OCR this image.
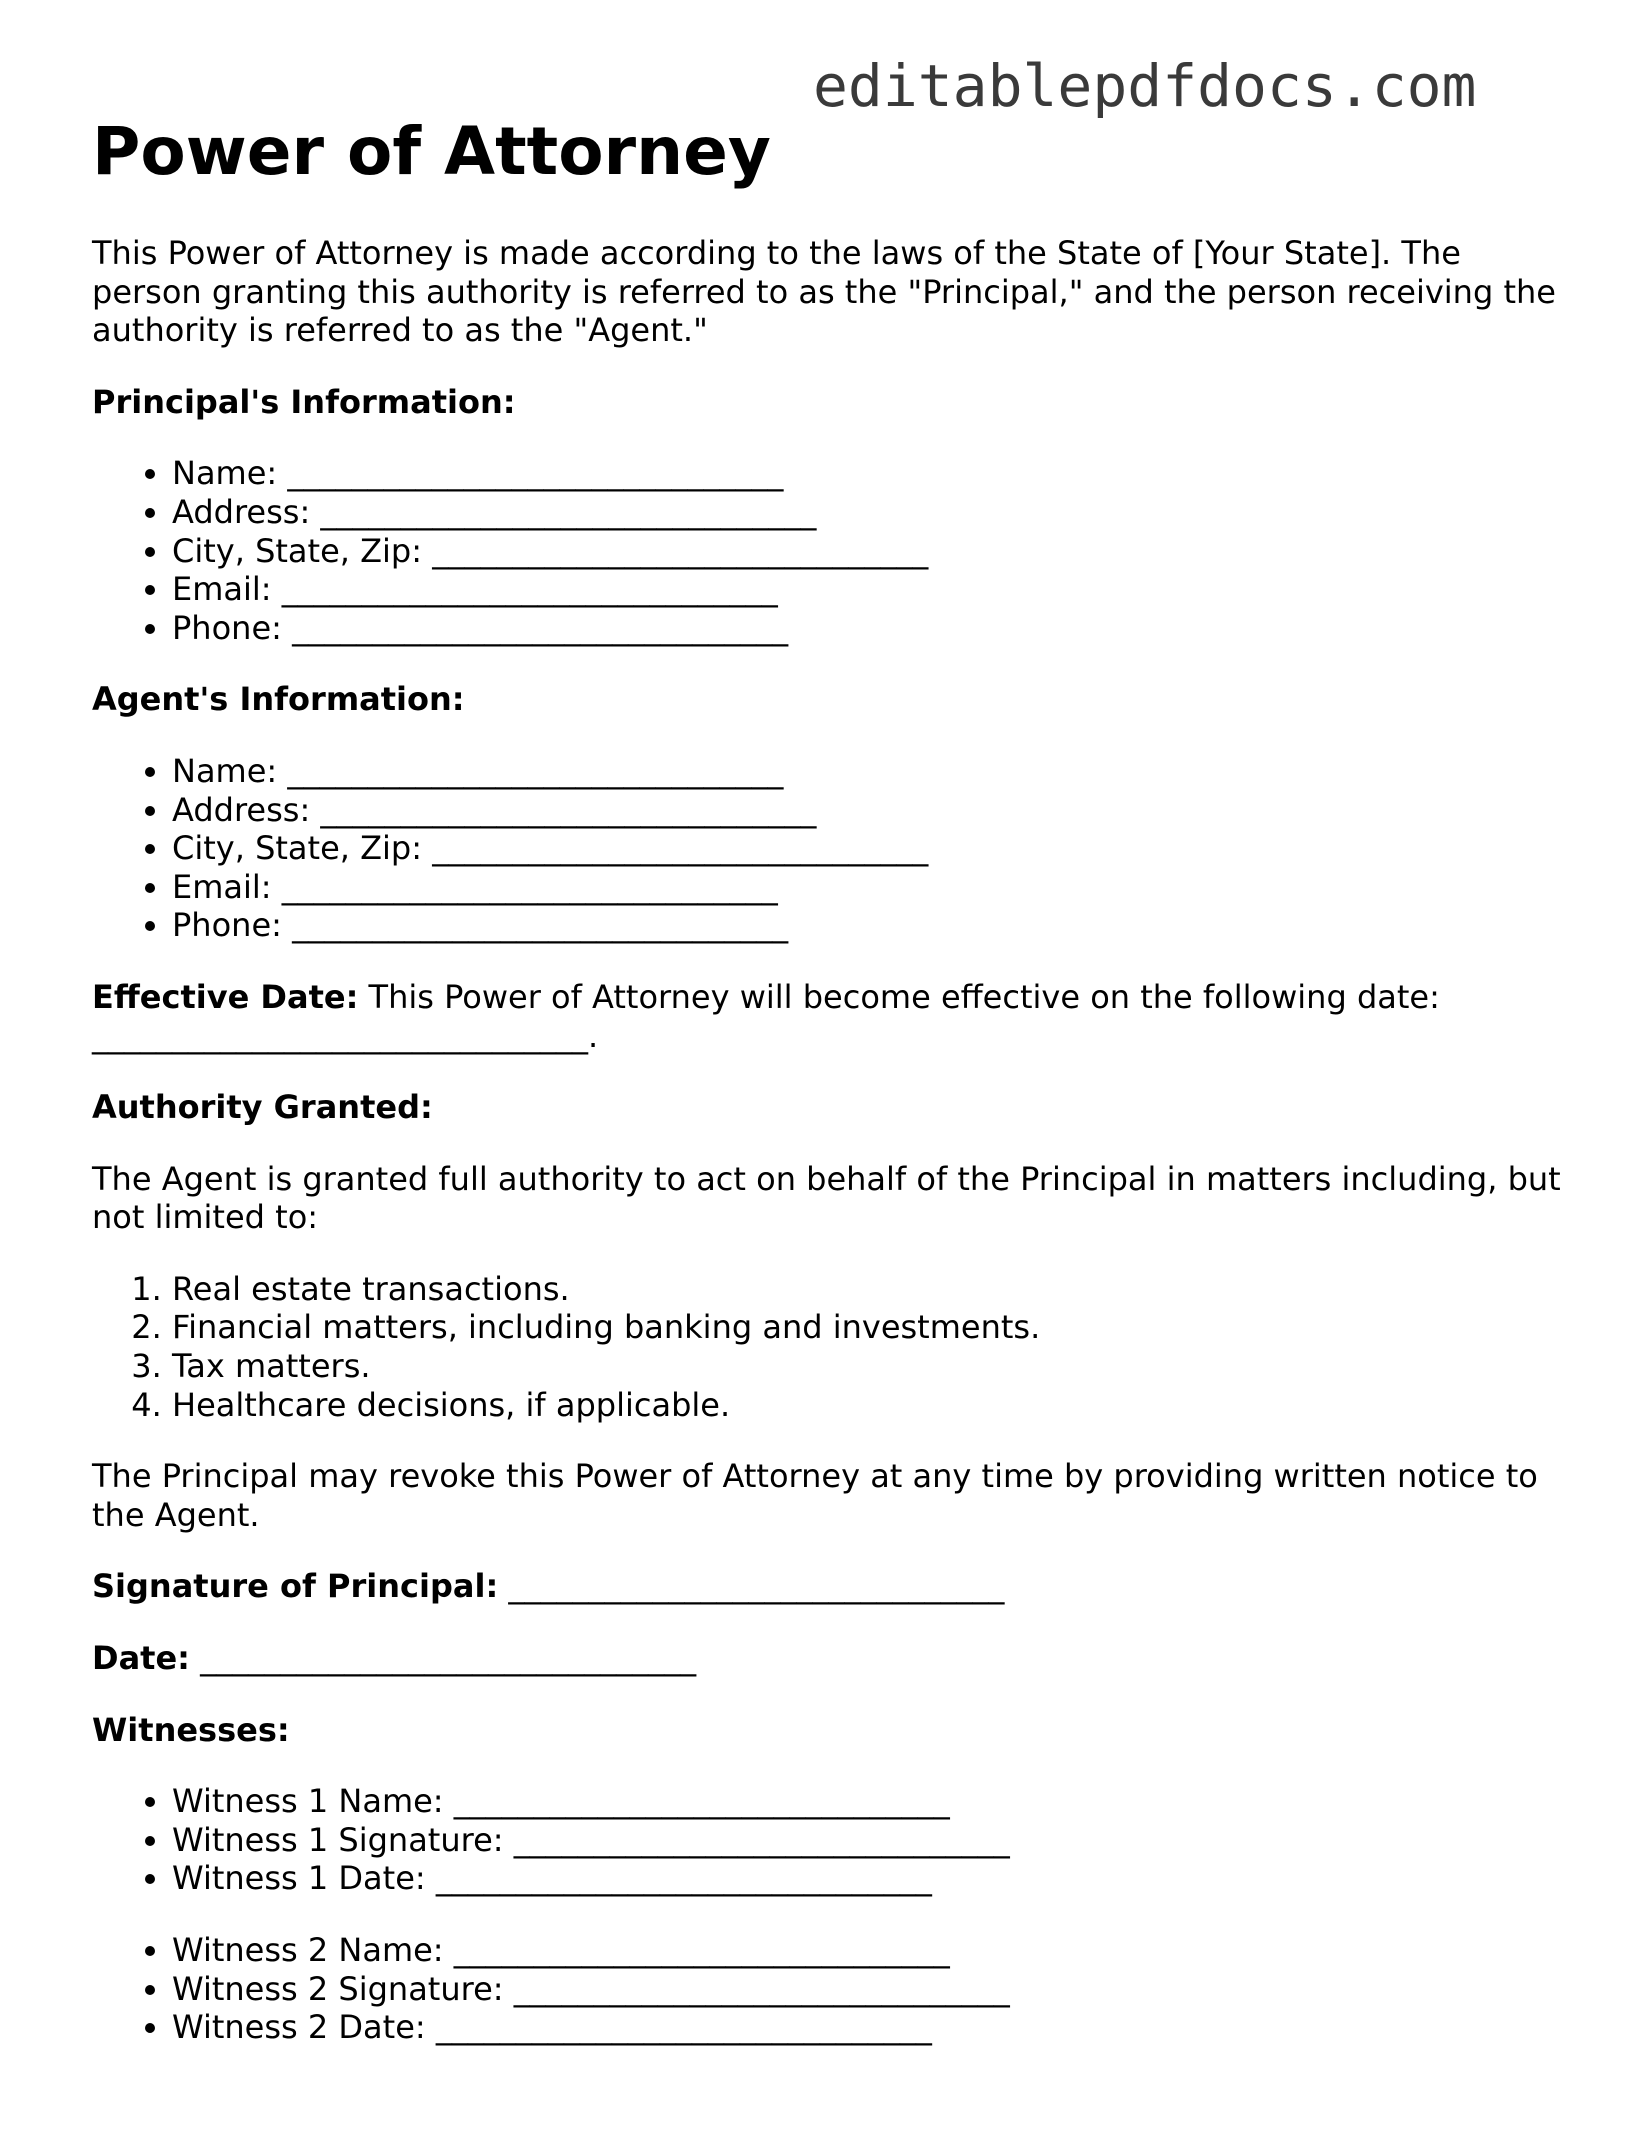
editablepdfdocs.com
Power of Attorney

This Power of Attorney is made according to the laws of the State of [Your State]. The person granting this authority is referred to as the "Principal," and the person receiving the authority is referred to as the "Agent."

Principal's Information:
• Name: _______________________________
• Address: _______________________________
• City, State, Zip: _______________________________
• Email: _______________________________
• Phone: _______________________________
Agent's Information:
• Name: _______________________________
• Address: _______________________________
• City, State, Zip: _______________________________
• Email: _______________________________
• Phone: _______________________________

Effective Date: This Power of Attorney will become effective on the following date: _______________________________.

Authority Granted:

The Agent is granted full authority to act on behalf of the Principal in matters including, but not limited to:

1. Real estate transactions.
2. Financial matters, including banking and investments.
3. Tax matters.
4. Healthcare decisions, if applicable.

The Principal may revoke this Power of Attorney at any time by providing written notice to the Agent.

Signature of Principal: _______________________________

Date: _______________________________

Witnesses:
• Witness 1 Name: _______________________________
• Witness 1 Signature: _______________________________
• Witness 1 Date: _______________________________
• Witness 2 Name: _______________________________
• Witness 2 Signature: _______________________________
• Witness 2 Date: _______________________________
